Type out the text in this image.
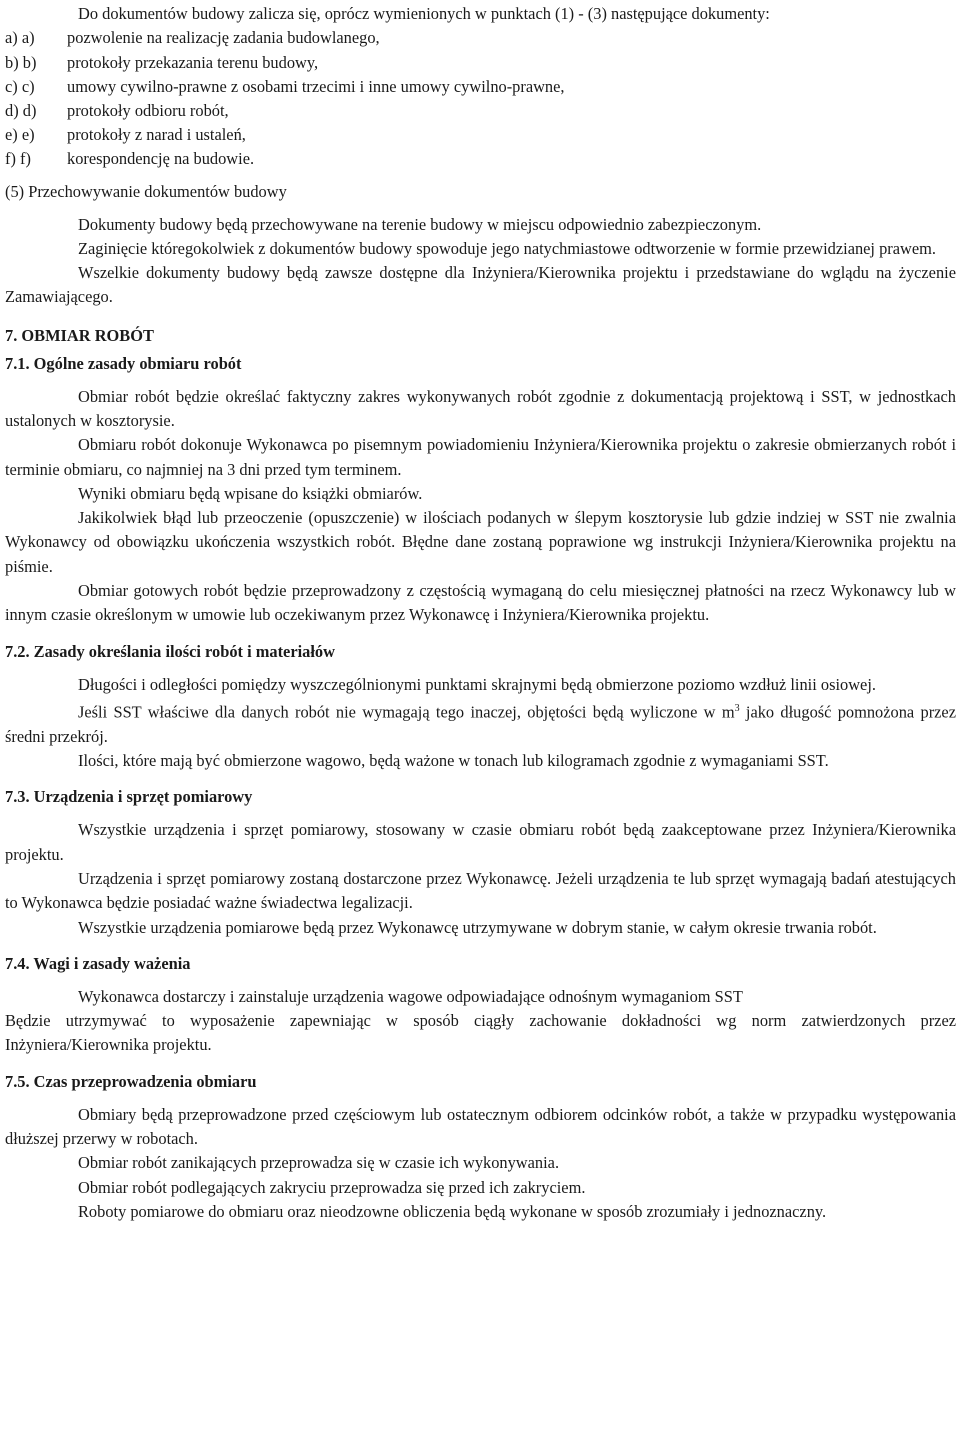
Do dokumentów budowy zalicza się, oprócz wymienionych w punktach (1) - (3) następujące dokumenty:

a) a)	pozwolenie na realizację zadania budowlanego,
b) b)	protokoły przekazania terenu budowy,
c) c)	umowy cywilno-prawne z osobami trzecimi i inne umowy cywilno-prawne,
d) d)	protokoły odbioru robót,
e) e)	protokoły z narad i ustaleń,
f) f)	korespondencję na budowie.

(5) Przechowywanie dokumentów budowy

Dokumenty budowy będą przechowywane na terenie budowy w miejscu odpowiednio zabezpieczonym.

Zaginięcie któregokolwiek z dokumentów budowy spowoduje jego natychmiastowe odtworzenie w formie przewidzianej prawem.

Wszelkie dokumenty budowy będą zawsze dostępne dla Inżyniera/Kierownika projektu i przedstawiane do wglądu na życzenie Zamawiającego.

7. OBMIAR ROBÓT

7.1. Ogólne zasady obmiaru robót

Obmiar robót będzie określać faktyczny zakres wykonywanych robót zgodnie z dokumentacją projektową i SST, w jednostkach ustalonych w kosztorysie.

Obmiaru robót dokonuje Wykonawca po pisemnym powiadomieniu Inżyniera/Kierownika projektu o zakresie obmierzanych robót i terminie obmiaru, co najmniej na 3 dni przed tym terminem.

Wyniki obmiaru będą wpisane do książki obmiarów.

Jakikolwiek błąd lub przeoczenie (opuszczenie) w ilościach podanych w ślepym kosztorysie lub gdzie indziej w SST nie zwalnia Wykonawcy od obowiązku ukończenia wszystkich robót. Błędne dane zostaną poprawione wg instrukcji Inżyniera/Kierownika projektu na piśmie.

Obmiar gotowych robót będzie przeprowadzony z częstością wymaganą do celu miesięcznej płatności na rzecz Wykonawcy lub w innym czasie określonym w umowie lub oczekiwanym przez Wykonawcę i Inżyniera/Kierownika projektu.

7.2. Zasady określania ilości robót i materiałów

Długości i odległości pomiędzy wyszczególnionymi punktami skrajnymi będą obmierzone poziomo wzdłuż linii osiowej.

Jeśli SST właściwe dla danych robót nie wymagają tego inaczej, objętości będą wyliczone w $m^3$ jako długość pomnożona przez średni przekrój.

Ilości, które mają być obmierzone wagowo, będą ważone w tonach lub kilogramach zgodnie z wymaganiami SST.

7.3. Urządzenia i sprzęt pomiarowy

Wszystkie urządzenia i sprzęt pomiarowy, stosowany w czasie obmiaru robót będą zaakceptowane przez Inżyniera/Kierownika projektu.

Urządzenia i sprzęt pomiarowy zostaną dostarczone przez Wykonawcę. Jeżeli urządzenia te lub sprzęt wymagają badań atestujących to Wykonawca będzie posiadać ważne świadectwa legalizacji.

Wszystkie urządzenia pomiarowe będą przez Wykonawcę utrzymywane w dobrym stanie, w całym okresie trwania robót.

7.4. Wagi i zasady ważenia

Wykonawca dostarczy i zainstaluje urządzenia wagowe odpowiadające odnośnym wymaganiom SST

Będzie utrzymywać to wyposażenie zapewniając w sposób ciągły zachowanie dokładności wg norm zatwierdzonych przez Inżyniera/Kierownika projektu.

7.5. Czas przeprowadzenia obmiaru

Obmiary będą przeprowadzone przed częściowym lub ostatecznym odbiorem odcinków robót, a także w przypadku występowania dłuższej przerwy w robotach.

Obmiar robót zanikających przeprowadza się w czasie ich wykonywania.

Obmiar robót podlegających zakryciu przeprowadza się przed ich zakryciem.

Roboty pomiarowe do obmiaru oraz nieodzowne obliczenia będą wykonane w sposób zrozumiały i jednoznaczny.
